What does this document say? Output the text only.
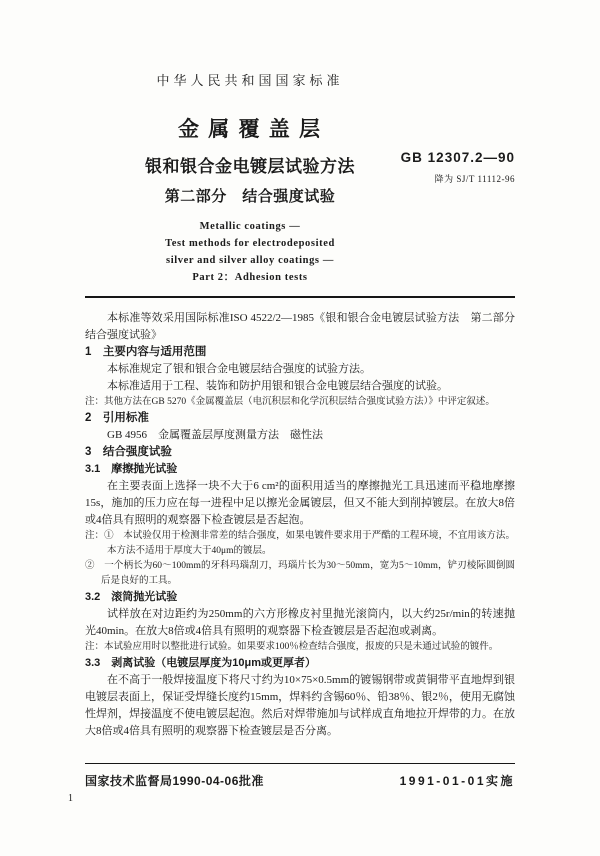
中华人民共和国国家标准
金 属 覆 盖 层
银和银合金电镀层试验方法
第二部分　结合强度试验
Metallic coatings —
Test methods for electrodeposited
silver and silver alloy coatings —
Part 2：Adhesion tests
GB 12307.2—90
降为 SJ/T 11112-96

本标准等效采用国际标准ISO 4522/2—1985《银和银合金电镀层试验方法　第二部分　结合强度试验》

1　主要内容与适用范围

本标准规定了银和银合金电镀层结合强度的试验方法。

本标准适用于工程、装饰和防护用银和银合金电镀层结合强度的试验。

注：其他方法在GB 5270《金属覆盖层（电沉积层和化学沉积层结合强度试验方法）》中评定叙述。

2　引用标准

GB 4956　金属覆盖层厚度测量方法　磁性法

3　结合强度试验

3.1　摩擦抛光试验

在主要表面上选择一块不大于6 cm²的面积用适当的摩擦抛光工具迅速而平稳地摩擦15s，施加的压力应在每一进程中足以擦光金属镀层，但又不能大到削掉镀层。在放大8倍或4倍具有照明的观察器下检查镀层是否起泡。

注：①　本试验仅用于检测非常差的结合强度，如果电镀件要求用于严酷的工程环境，不宜用该方法。本方法不适用于厚度大于40μm的镀层。

②　一个柄长为60～100mm的牙科玛瑙刮刀，玛瑙片长为30～50mm，宽为5～10mm，铲刃棱际圆倒圆后是良好的工具。

3.2　滚筒抛光试验

试样放在对边距约为250mm的六方形橡皮衬里抛光滚筒内，以大约25r/min的转速抛光40min。在放大8倍或4倍具有照明的观察器下检查镀层是否起泡或剥离。

注：本试验应用时以整批进行试验。如果要求100％检查结合强度，报废的只是未通过试验的镀件。

3.3　剥离试验（电镀层厚度为10μm或更厚者）

在不高于一般焊接温度下将尺寸约为10×75×0.5mm的镀锡钢带或黄铜带平直地焊到银电镀层表面上，保证受焊缝长度约15mm，焊料约含锡60％、铅38％、银2％，使用无腐蚀性焊剂，焊接温度不使电镀层起泡。然后对焊带施加与试样成直角地拉开焊带的力。在放大8倍或4倍具有照明的观察器下检查镀层是否分离。

国家技术监督局1990-04-06批准	1991-01-01实施
1
